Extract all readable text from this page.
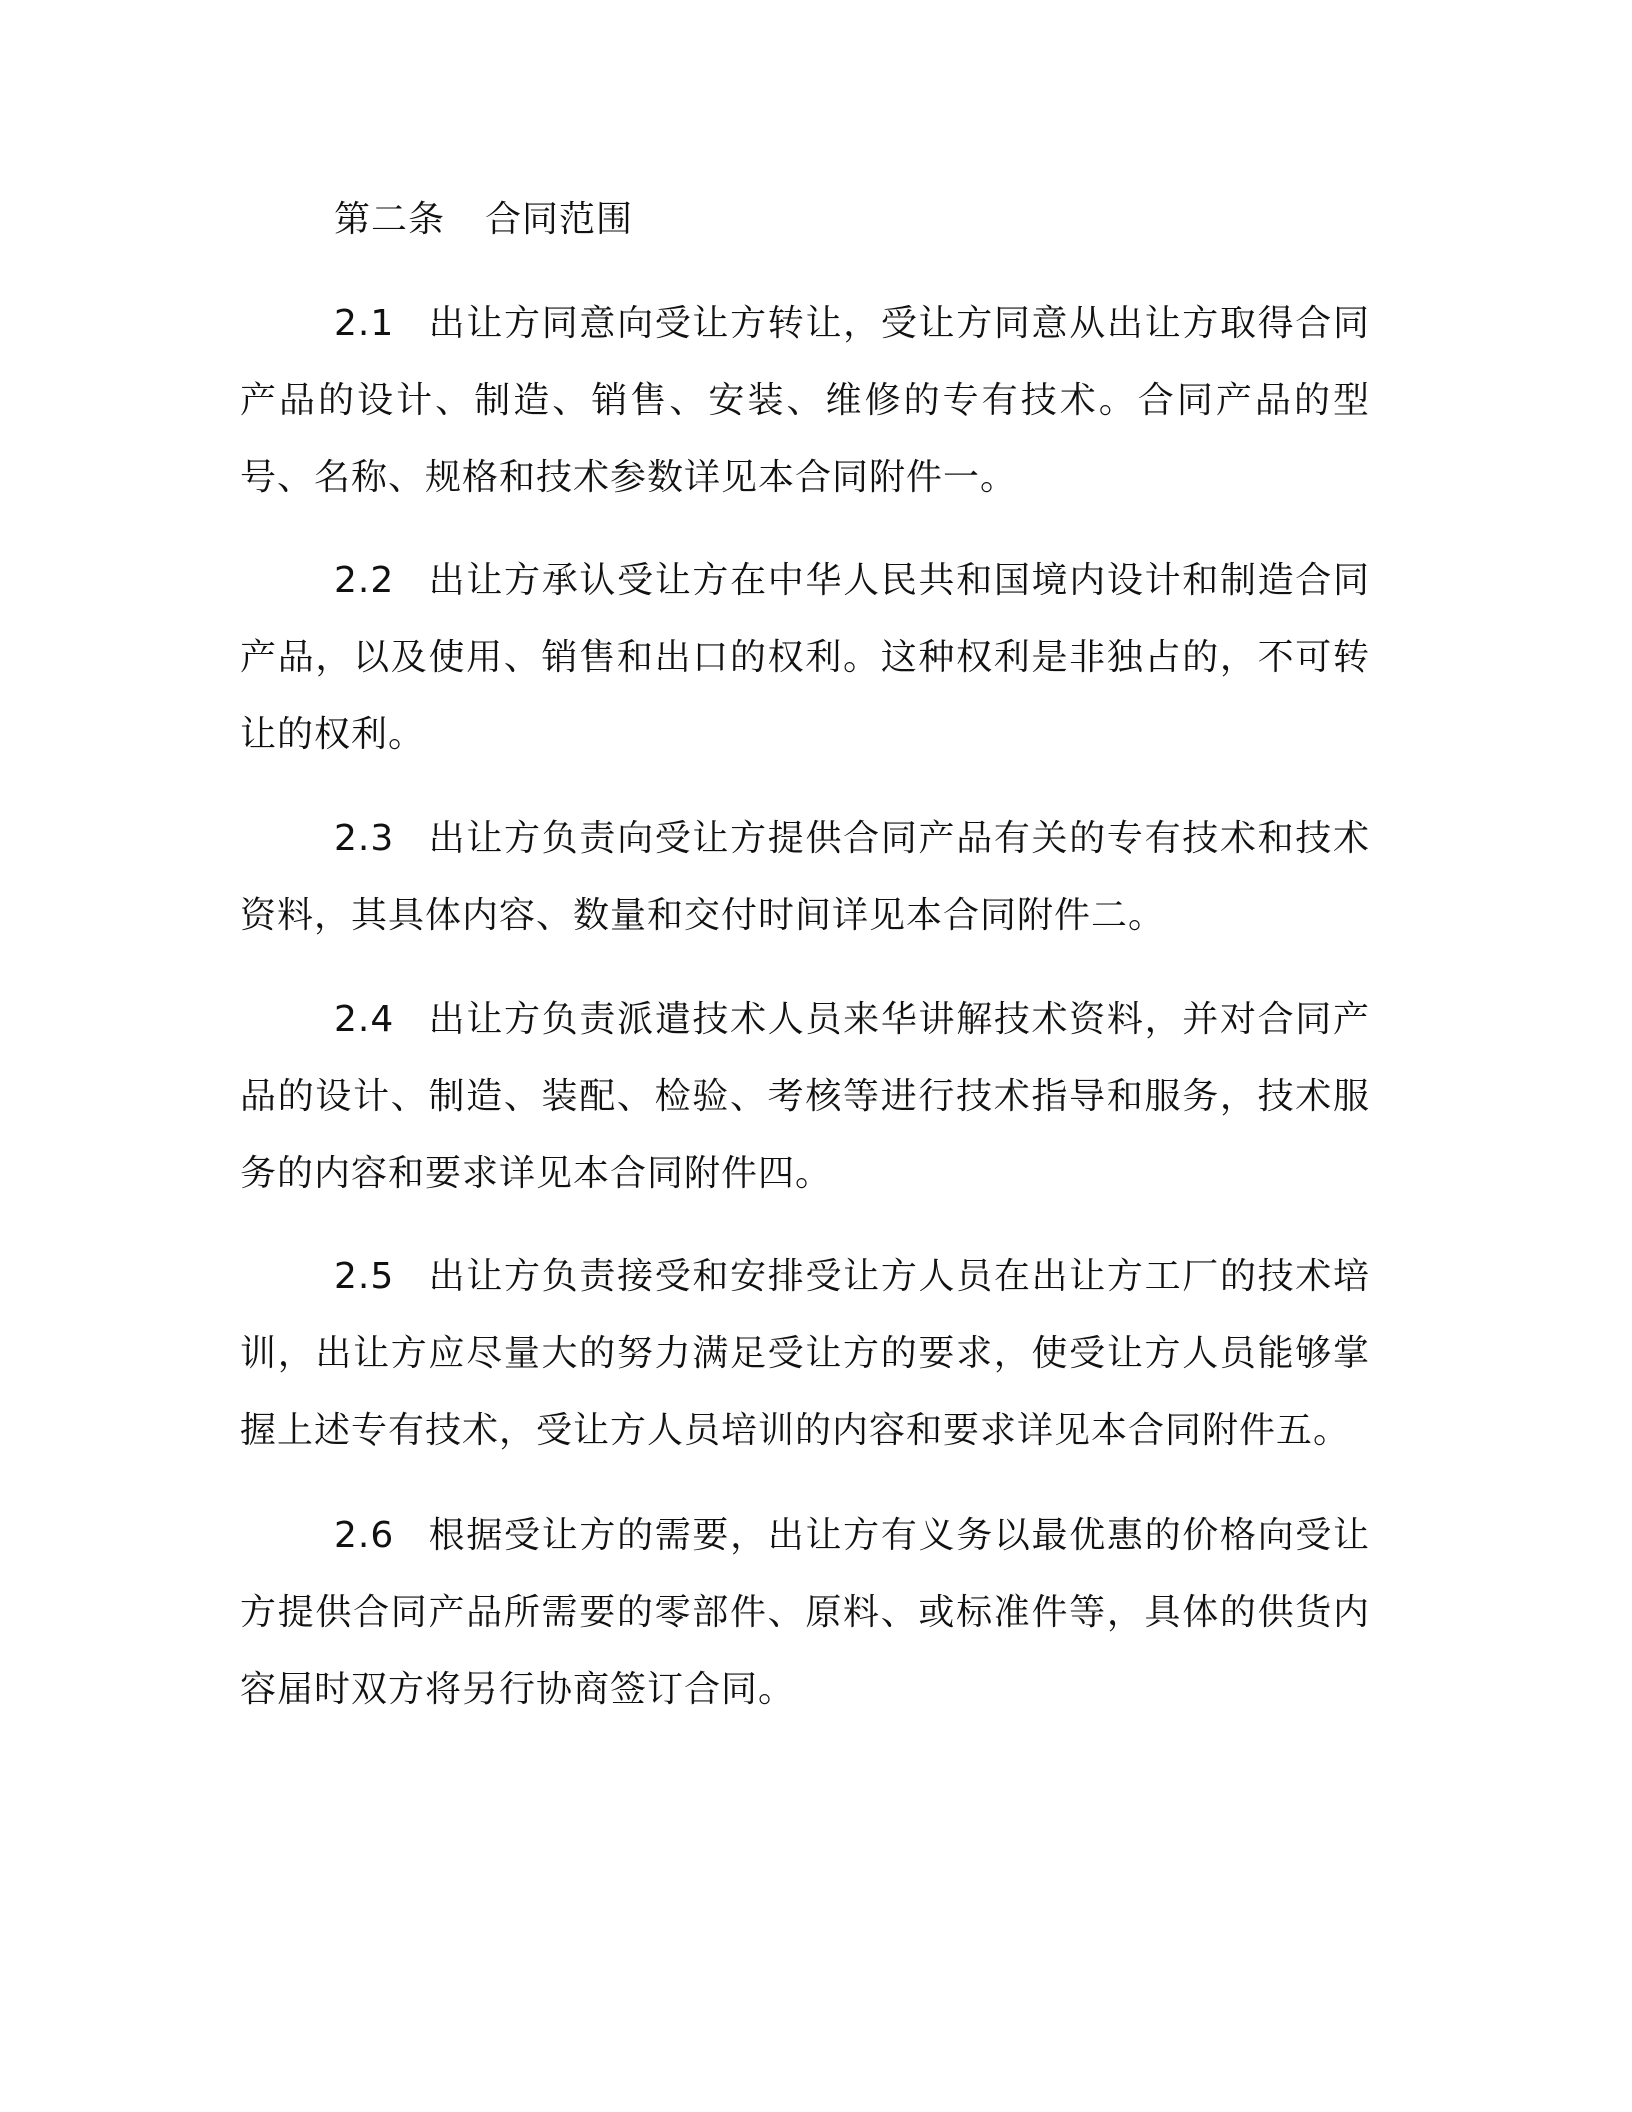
第二条 合同范围

2.1 出让方同意向受让方转让，受让方同意从出让方取得合同产品的设计、制造、销售、安装、维修的专有技术。合同产品的型号、名称、规格和技术参数详见本合同附件一。

2.2 出让方承认受让方在中华人民共和国境内设计和制造合同产品，以及使用、销售和出口的权利。这种权利是非独占的，不可转让的权利。

2.3 出让方负责向受让方提供合同产品有关的专有技术和技术资料，其具体内容、数量和交付时间详见本合同附件二。

2.4 出让方负责派遣技术人员来华讲解技术资料，并对合同产品的设计、制造、装配、检验、考核等进行技术指导和服务，技术服务的内容和要求详见本合同附件四。

2.5 出让方负责接受和安排受让方人员在出让方工厂的技术培训，出让方应尽量大的努力满足受让方的要求，使受让方人员能够掌握上述专有技术，受让方人员培训的内容和要求详见本合同附件五。

2.6 根据受让方的需要，出让方有义务以最优惠的价格向受让方提供合同产品所需要的零部件、原料、或标准件等，具体的供货内容届时双方将另行协商签订合同。
